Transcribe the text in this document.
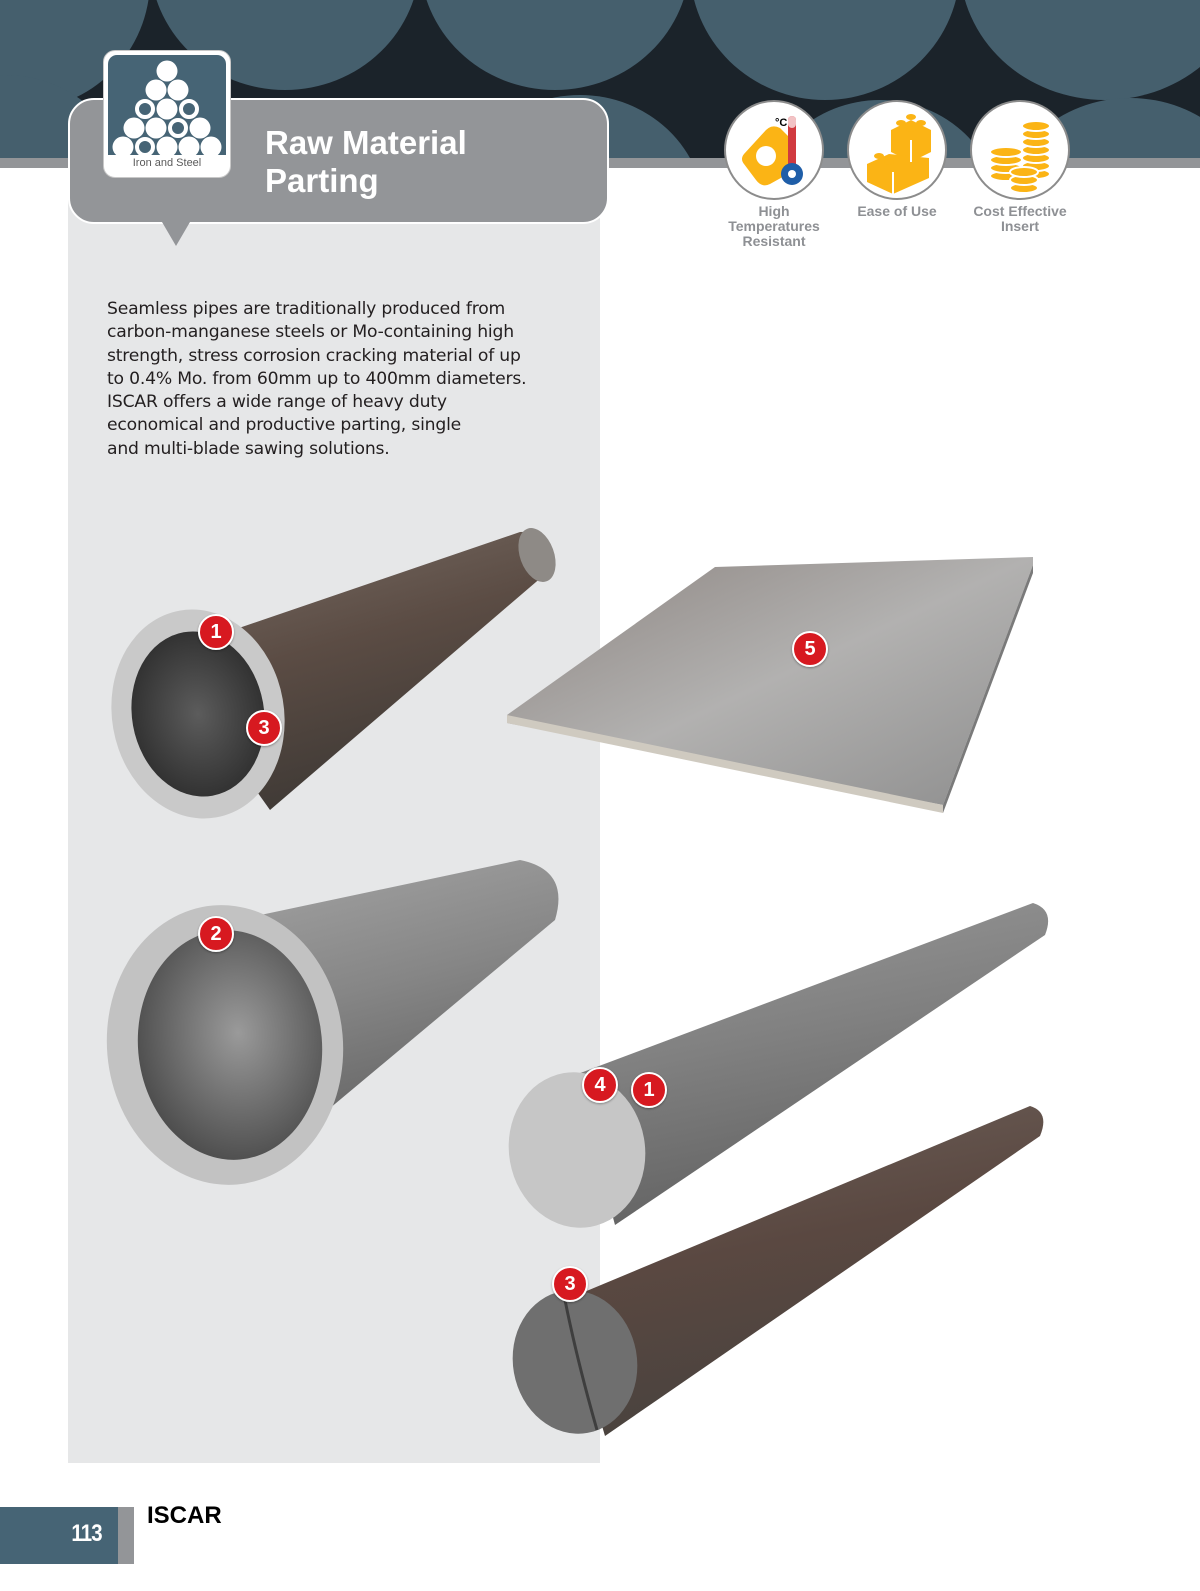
Raw Material
Parting
Iron and Steel
°C
High
Temperatures
Resistant
Ease of Use	Cost Effective
Insert
Seamless pipes are traditionally produced from
carbon-manganese steels or Mo-containing high
strength, stress corrosion cracking material of up
to 0.4% Mo. from 60mm up to 400mm diameters.
ISCAR offers a wide range of heavy duty
economical and productive parting, single
and multi-blade sawing solutions.
1
3
5
2
4	1
3
113
ISCAR
